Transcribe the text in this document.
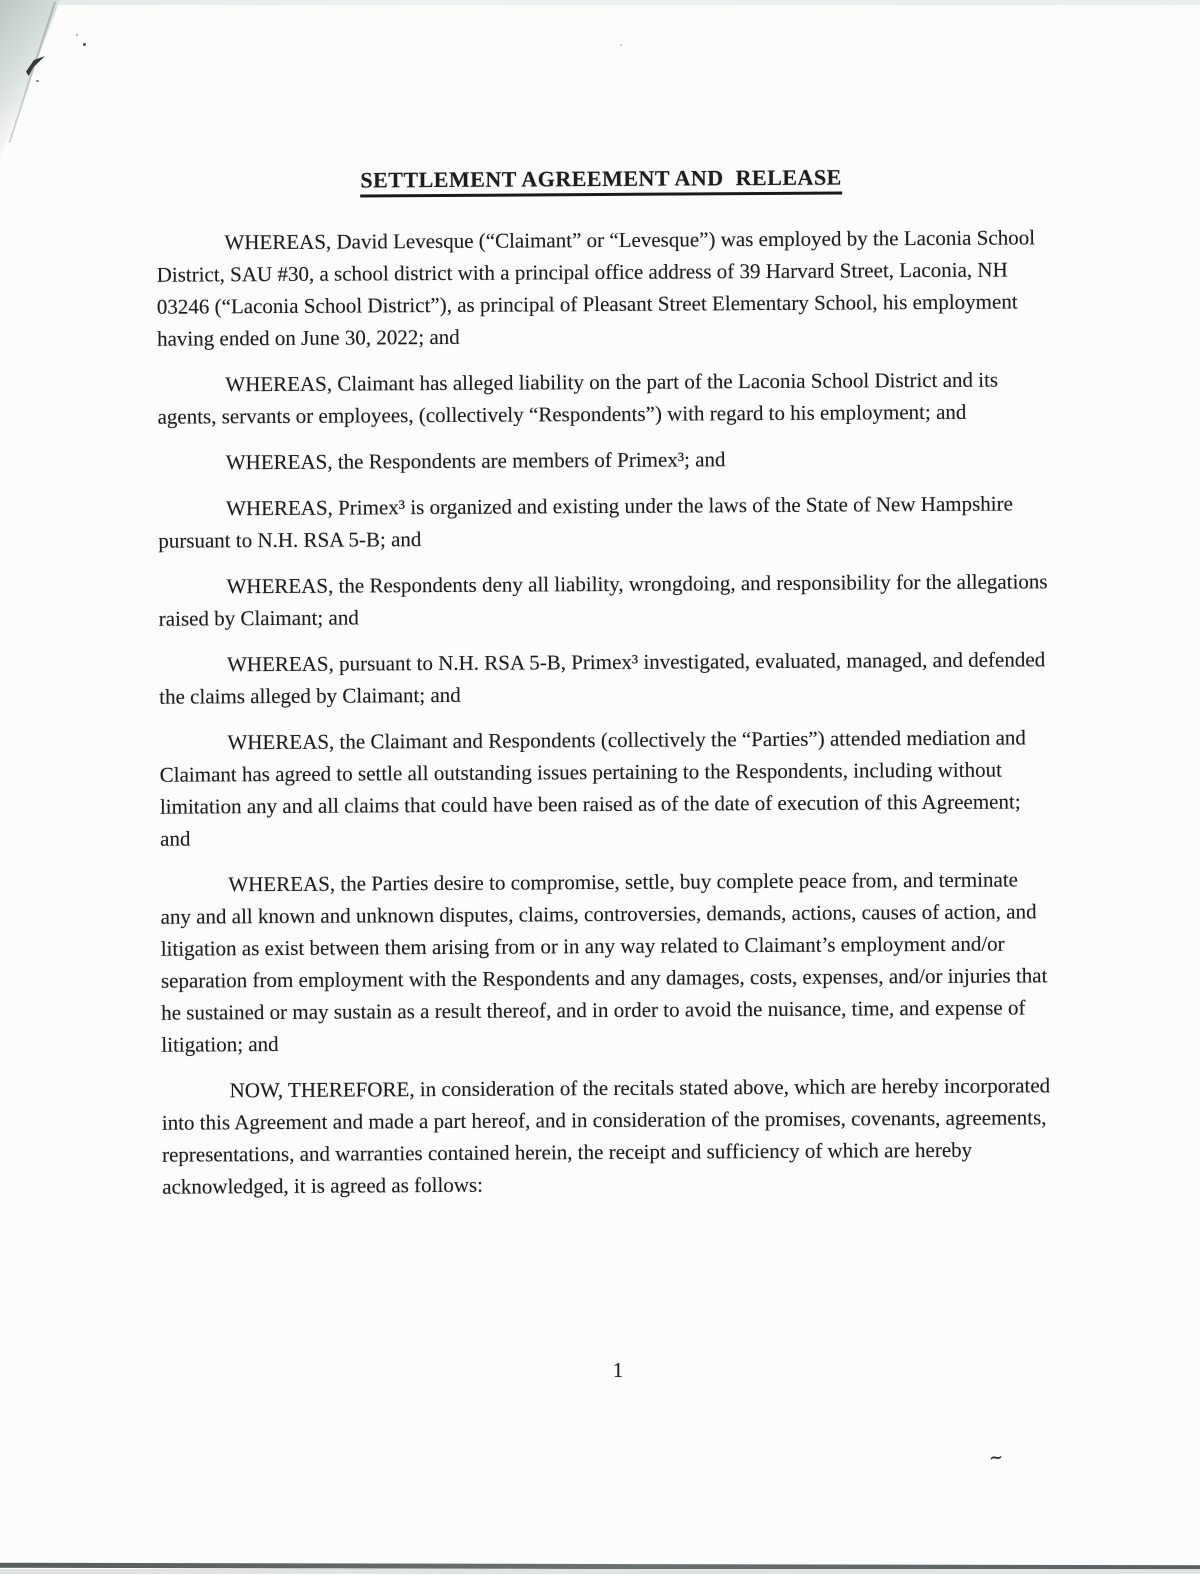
SETTLEMENT AGREEMENT AND  RELEASE

WHEREAS, David Levesque (“Claimant” or “Levesque”) was employed by the Laconia School District, SAU #30, a school district with a principal office address of 39 Harvard Street, Laconia, NH 03246 (“Laconia School District”), as principal of Pleasant Street Elementary School, his employment having ended on June 30, 2022; and

WHEREAS, Claimant has alleged liability on the part of the Laconia School District and its agents, servants or employees, (collectively “Respondents”) with regard to his employment; and

WHEREAS, the Respondents are members of Primex³; and

WHEREAS, Primex³ is organized and existing under the laws of the State of New Hampshire pursuant to N.H. RSA 5-B; and

WHEREAS, the Respondents deny all liability, wrongdoing, and responsibility for the allegations raised by Claimant; and

WHEREAS, pursuant to N.H. RSA 5-B, Primex³ investigated, evaluated, managed, and defended the claims alleged by Claimant; and

WHEREAS, the Claimant and Respondents (collectively the “Parties”) attended mediation and Claimant has agreed to settle all outstanding issues pertaining to the Respondents, including without limitation any and all claims that could have been raised as of the date of execution of this Agreement; and

WHEREAS, the Parties desire to compromise, settle, buy complete peace from, and terminate any and all known and unknown disputes, claims, controversies, demands, actions, causes of action, and litigation as exist between them arising from or in any way related to Claimant’s employment and/or separation from employment with the Respondents and any damages, costs, expenses, and/or injuries that he sustained or may sustain as a result thereof, and in order to avoid the nuisance, time, and expense of litigation; and

NOW, THEREFORE, in consideration of the recitals stated above, which are hereby incorporated into this Agreement and made a part hereof, and in consideration of the promises, covenants, agreements, representations, and warranties contained herein, the receipt and sufficiency of which are hereby acknowledged, it is agreed as follows:

1
~
